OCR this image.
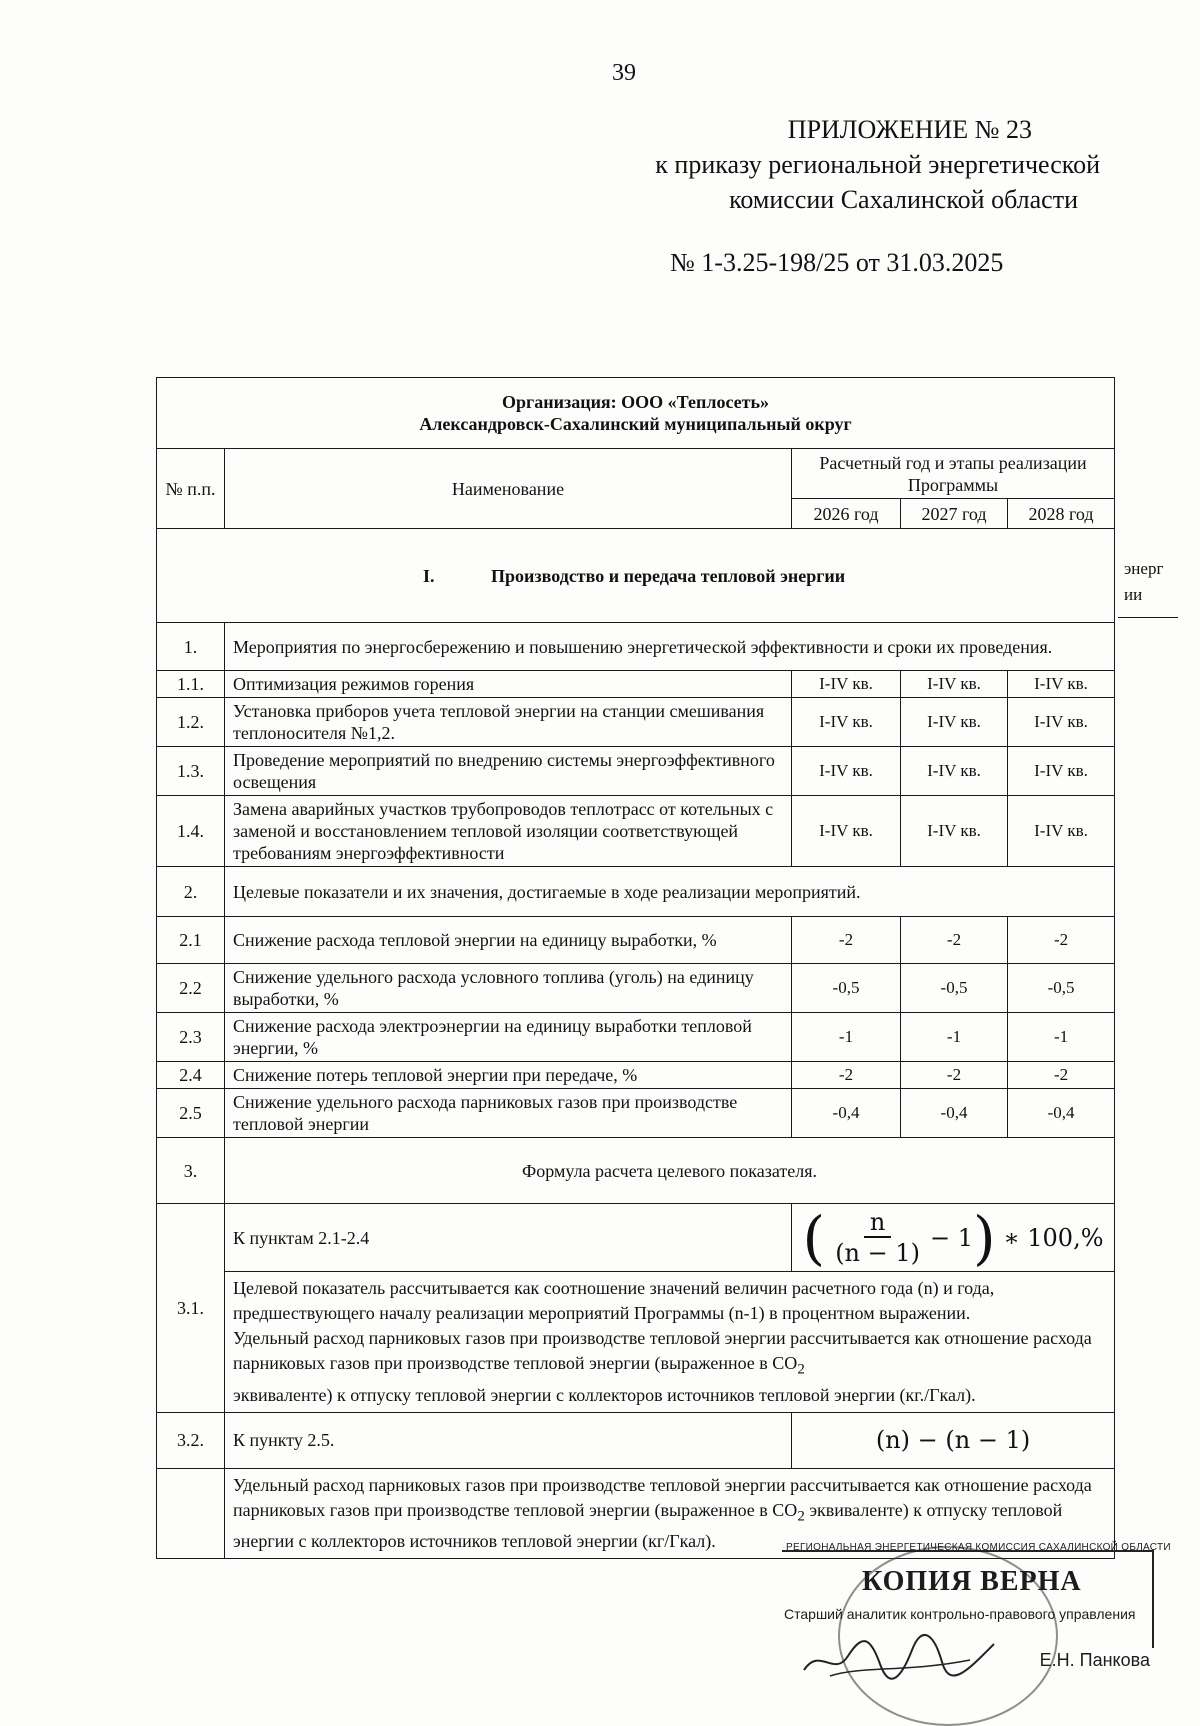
39
ПРИЛОЖЕНИЕ № 23
к приказу региональной энергетической
комиссии Сахалинской области
№ 1-3.25-198/25 от 31.03.2025
Организация: ООО «Теплосеть»
Александровск-Сахалинский муниципальный округ				

№ п.п.	Наименование	Расчетный год и этапы реализации Программы		
		2026 год	2027 год	2028 год
I. Производство и передача тепловой энергии				
1.	Мероприятия по энергосбережению и повышению энергетической эффективности и сроки их проведения.			
1.1.	Оптимизация режимов горения	I-IV кв.	I-IV кв.	I-IV кв.
1.2.	Установка приборов учета тепловой энергии на станции смешивания теплоносителя №1,2.	I-IV кв.	I-IV кв.	I-IV кв.
1.3.	Проведение мероприятий по внедрению системы энергоэффективного освещения	I-IV кв.	I-IV кв.	I-IV кв.
1.4.	Замена аварийных участков трубопроводов теплотрасс от котельных с заменой и восстановлением тепловой изоляции соответствующей требованиям энергоэффективности	I-IV кв.	I-IV кв.	I-IV кв.
2.	Целевые показатели и их значения, достигаемые в ходе реализации мероприятий.			
2.1	Снижение расхода тепловой энергии на единицу выработки, %	-2	-2	-2
2.2	Снижение удельного расхода условного топлива (уголь) на единицу выработки, %	-0,5	-0,5	-0,5
2.3	Снижение расхода электроэнергии на единицу выработки тепловой энергии, %	-1	-1	-1
2.4	Снижение потерь тепловой энергии при передаче, %	-2	-2	-2
2.5	Снижение удельного расхода парниковых газов при производстве тепловой энергии	-0,4	-0,4	-0,4
3.	Формула расчета целевого показателя.			
3.1.	К пунктам 2.1-2.4	( $\frac{n}{(n - 1)} - 1$) ∗ 100,%		

	Целевой показатель рассчитывается как соотношение значений величин расчетного года (n) и года, предшествующего началу реализации мероприятий Программы (n-1) в процентном выражении.
Удельный расход парниковых газов при производстве тепловой энергии рассчитывается как отношение расхода парниковых газов при производстве тепловой энергии (выраженное в $CO_2$
эквиваленте) к отпуску тепловой энергии с коллекторов источников тепловой энергии (кг./Гкал).			

3.2.	К пункту 2.5.	(n) − (n − 1)		
	Удельный расход парниковых газов при производстве тепловой энергии рассчитывается как отношение расхода парниковых газов при производстве тепловой энергии (выраженное в $CO_2$ эквиваленте) к отпуску тепловой энергии с коллекторов источников тепловой энергии (кг/Гкал).			
энерг
ии
РЕГИОНАЛЬНАЯ ЭНЕРГЕТИЧЕСКАЯ КОМИССИЯ САХАЛИНСКОЙ ОБЛАСТИ
КОПИЯ ВЕРНА
Старший аналитик контрольно-правового управления
Е.Н. Панкова
